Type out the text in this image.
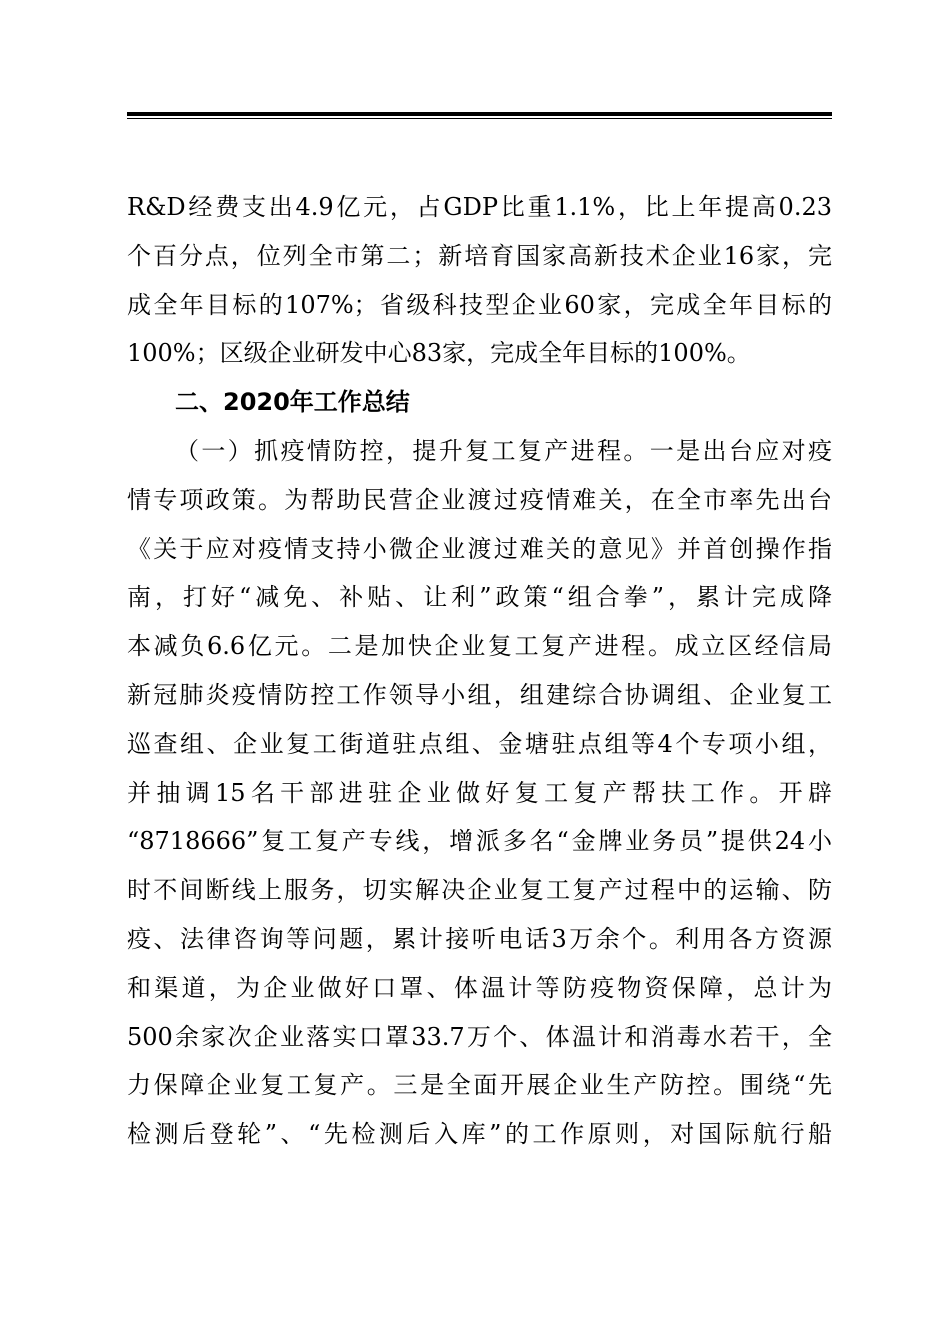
R&D经费支出4.9亿元，占GDP比重1.1%，比上年提高0.23
个百分点，位列全市第二；新培育国家高新技术企业16家，完
成全年目标的107%；省级科技型企业60家，完成全年目标的
100%；区级企业研发中心83家，完成全年目标的100%。
二、2020年工作总结
（一）抓疫情防控，提升复工复产进程。一是出台应对疫
情专项政策。为帮助民营企业渡过疫情难关，在全市率先出台
《关于应对疫情支持小微企业渡过难关的意见》并首创操作指
南，打好“减免、补贴、让利”政策“组合拳”，累计完成降
本减负6.6亿元。二是加快企业复工复产进程。成立区经信局
新冠肺炎疫情防控工作领导小组，组建综合协调组、企业复工
巡查组、企业复工街道驻点组、金塘驻点组等4个专项小组，
并抽调15名干部进驻企业做好复工复产帮扶工作。开辟
“8718666”复工复产专线，增派多名“金牌业务员”提供24小
时不间断线上服务，切实解决企业复工复产过程中的运输、防
疫、法律咨询等问题，累计接听电话3万余个。利用各方资源
和渠道，为企业做好口罩、体温计等防疫物资保障，总计为
500余家次企业落实口罩33.7万个、体温计和消毒水若干，全
力保障企业复工复产。三是全面开展企业生产防控。围绕“先
检测后登轮”、“先检测后入库”的工作原则，对国际航行船
